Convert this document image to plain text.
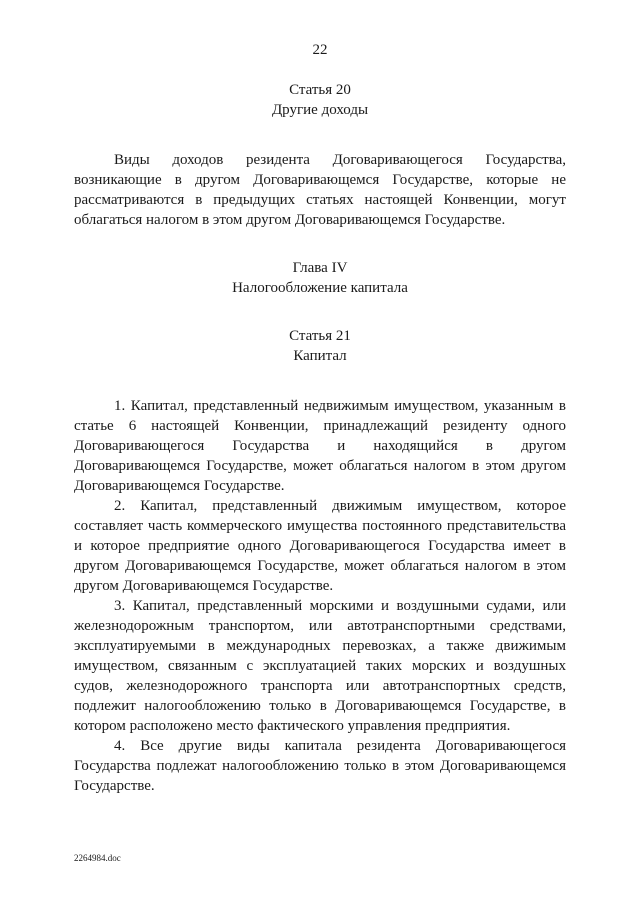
22
Статья 20
Другие доходы

Виды доходов резидента Договаривающегося Государства, возникающие в другом Договаривающемся Государстве, которые не рассматриваются в предыдущих статьях настоящей Конвенции, могут облагаться налогом в этом другом Договаривающемся Государстве.

Глава IV
Налогообложение капитала
Статья 21
Капитал

1. Капитал, представленный недвижимым имуществом, указанным в статье 6 настоящей Конвенции, принадлежащий резиденту одного Договаривающегося Государства и находящийся в другом Договаривающемся Государстве, может облагаться налогом в этом другом Договаривающемся Государстве.

2. Капитал, представленный движимым имуществом, которое составляет часть коммерческого имущества постоянного представительства и которое предприятие одного Договаривающегося Государства имеет в другом Договаривающемся Государстве, может облагаться налогом в этом другом Договаривающемся Государстве.

3. Капитал, представленный морскими и воздушными судами, или железнодорожным транспортом, или автотранспортными средствами, эксплуатируемыми в международных перевозках, а также движимым имуществом, связанным с эксплуатацией таких морских и воздушных судов, железнодорожного транспорта или автотранспортных средств, подлежит налогообложению только в Договаривающемся Государстве, в котором расположено место фактического управления предприятия.

4. Все другие виды капитала резидента Договаривающегося Государства подлежат налогообложению только в этом Договаривающемся Государстве.

2264984.doc
